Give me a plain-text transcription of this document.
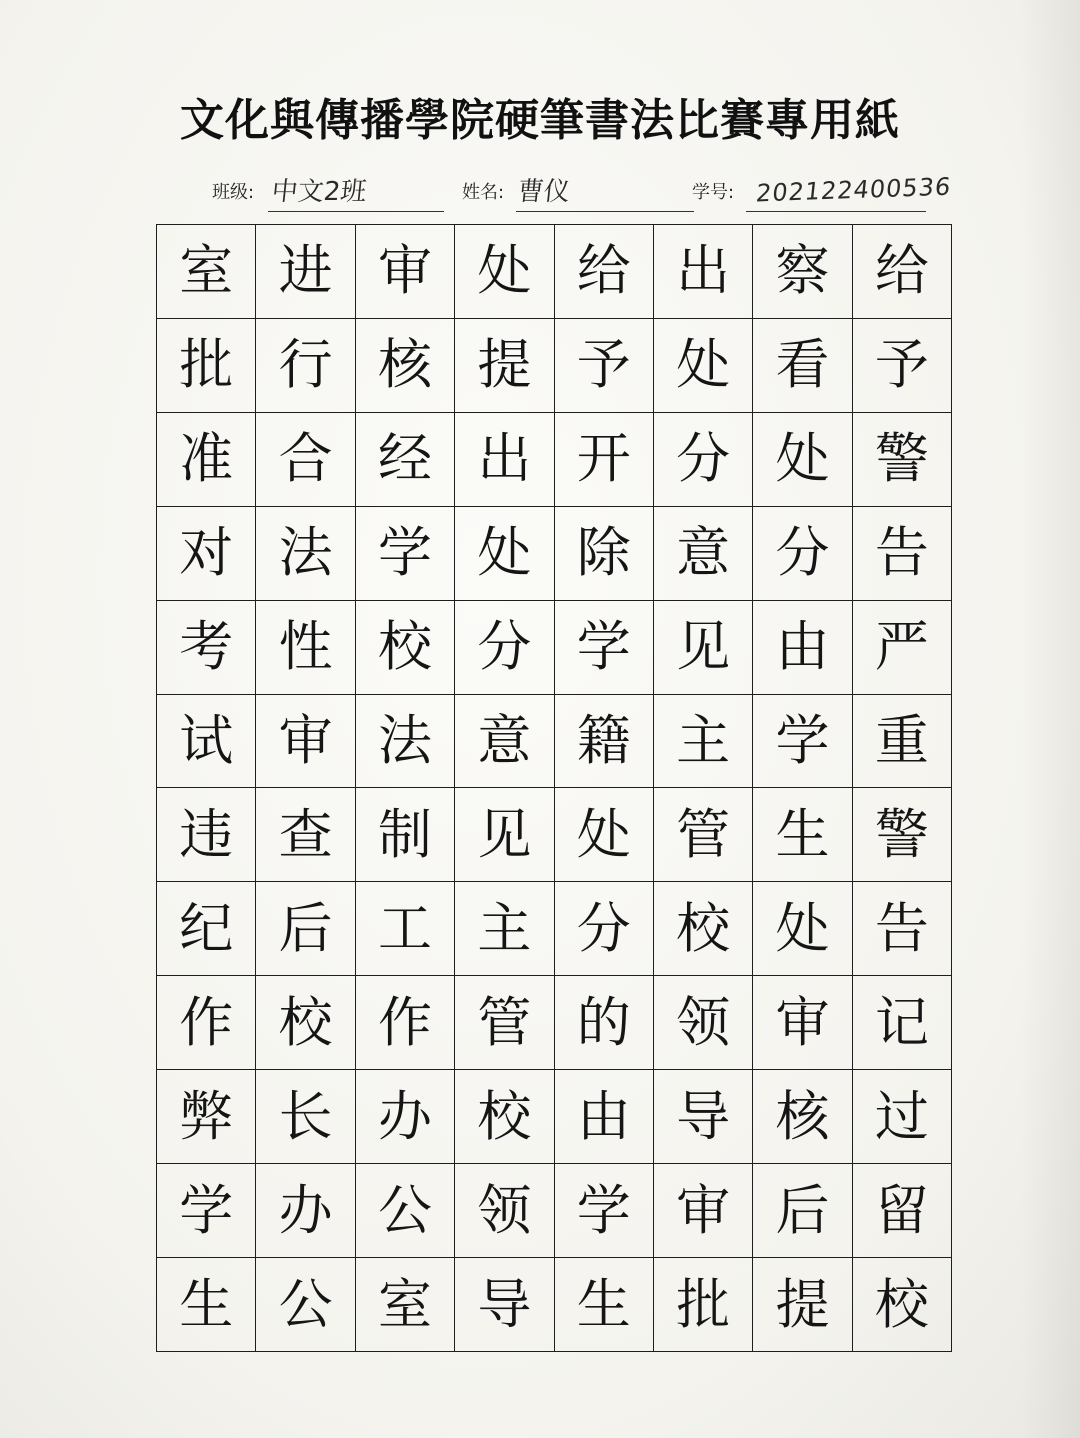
文化與傳播學院硬筆書法比賽專用紙
班级: 中文2班	姓名: 曹仪	学号: 202122400536
室 进 审 处 给 出 察 给
批 行 核 提 予 处 看 予
准 合 经 出 开 分 处 警
对 法 学 处 除 意 分 告
考 性 校 分 学 见 由 严
试 审 法 意 籍 主 学 重
违 查 制 见 处 管 生 警
纪 后 工 主 分 校 处 告
作 校 作 管 的 领 审 记
弊 长 办 校 由 导 核 过
学 办 公 领 学 审 后 留
生 公 室 导 生 批 提 校
